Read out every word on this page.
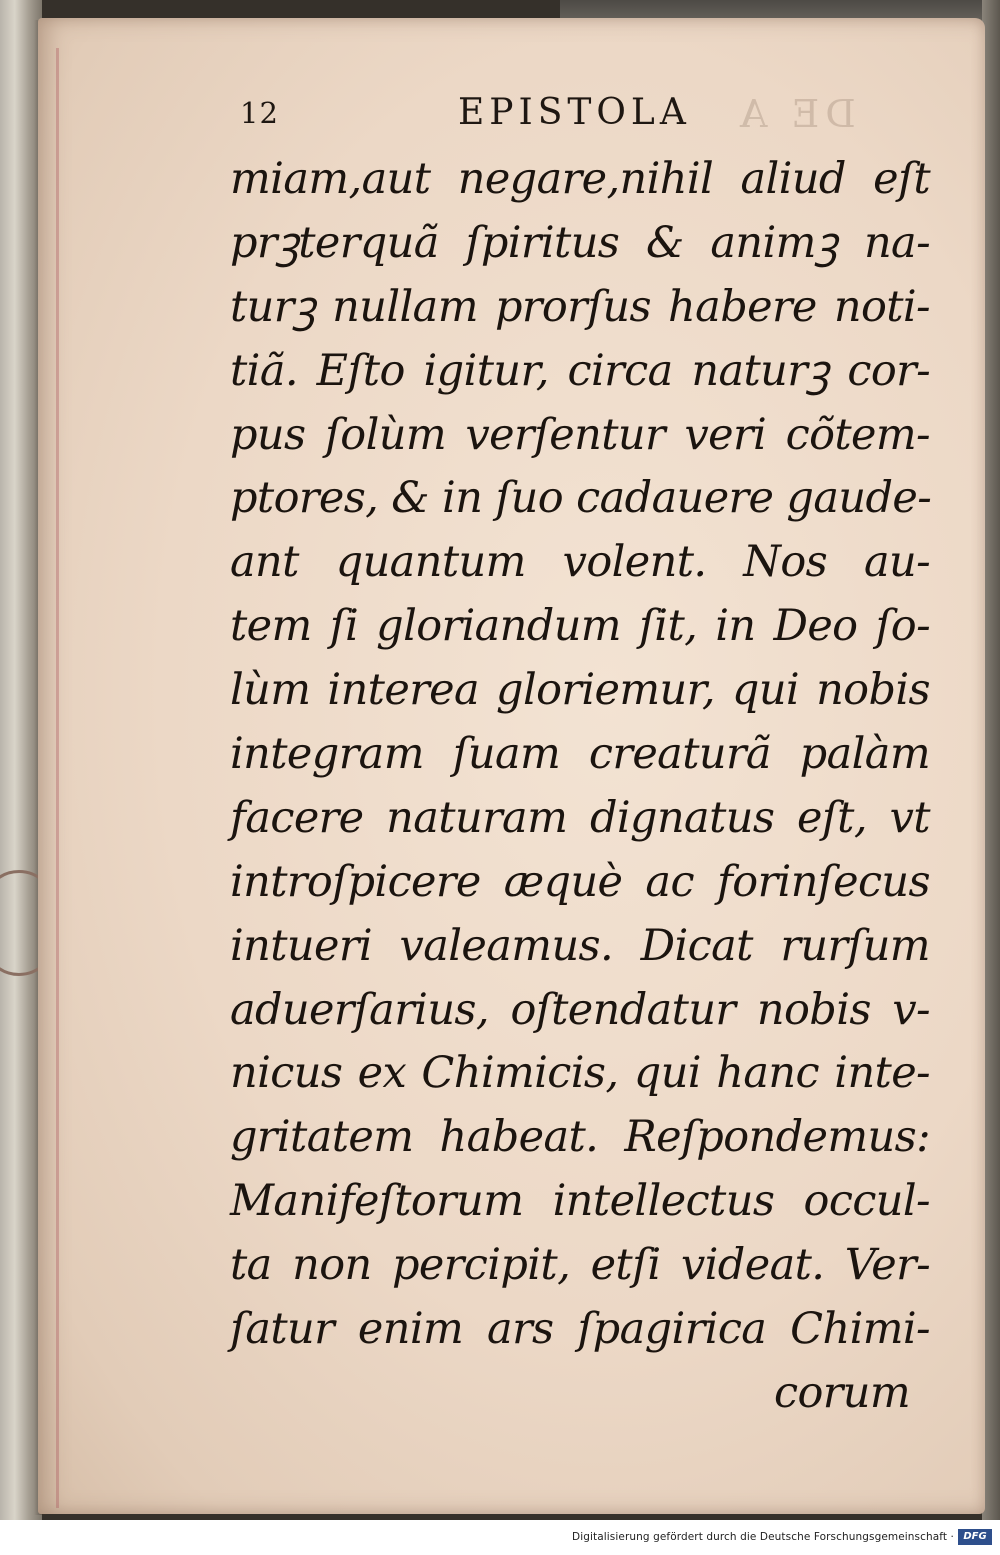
DE A
12	EPISTOLA
miam,aut negare,nihil aliud eſt
prꝫterquã ſpiritus & animꝫ na-
turꝫ nullam prorſus habere noti-
tiã. Eſto igitur, circa naturꝫ cor-
pus ſolùm verſentur veri cõtem-
ptores, & in ſuo cadauere gaude-
ant quantum volent. Nos au-
tem ſi gloriandum ſit, in Deo ſo-
lùm interea gloriemur, qui nobis
integram ſuam creaturã palàm
facere naturam dignatus eſt, vt
introſpicere æquè ac forinſecus
intueri valeamus. Dicat rurſum
aduerſarius, oſtendatur nobis v-
nicus ex Chimicis, qui hanc inte-
gritatem habeat. Reſpondemus:
Manifeſtorum intellectus occul-
ta non percipit, etſi videat. Ver-
ſatur enim ars ſpagirica Chimi-
corum
Digitalisierung gefördert durch die Deutsche Forschungsgemeinschaft · DFG
